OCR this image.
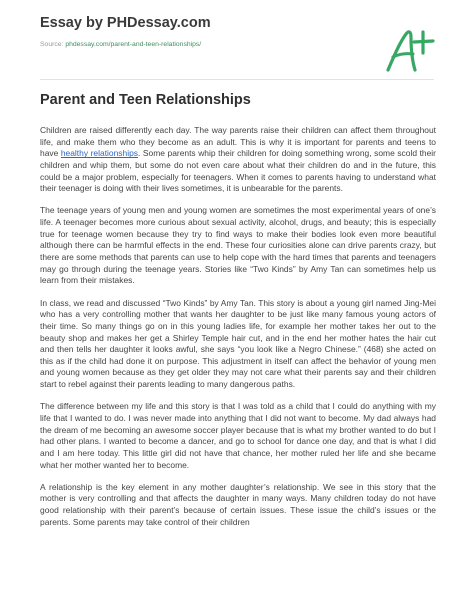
Essay by PHDessay.com
Source: phdessay.com/parent-and-teen-relationships/
Parent and Teen Relationships

Children are raised differently each day. The way parents raise their children can affect them throughout life, and make them who they become as an adult. This is why it is important for parents and teens to have healthy relationships. Some parents whip their children for doing something wrong, some scold their children and whip them, but some do not even care about what their children do and in the future, this could be a major problem, especially for teenagers. When it comes to parents having to understand what their teenager is doing with their lives sometimes, it is unbearable for the parents.

The teenage years of young men and young women are sometimes the most experimental years of one’s life. A teenager becomes more curious about sexual activity, alcohol, drugs, and beauty; this is especially true for teenage women because they try to find ways to make their bodies look even more beautiful although there can be harmful effects in the end. These four curiosities alone can drive parents crazy, but there are some methods that parents can use to help cope with the hard times that parents and teenagers may go through during the teenage years. Stories like “Two Kinds” by Amy Tan can sometimes help us learn from their mistakes.

In class, we read and discussed “Two Kinds” by Amy Tan. This story is about a young girl named Jing-Mei who has a very controlling mother that wants her daughter to be just like many famous young actors of their time. So many things go on in this young ladies life, for example her mother takes her out to the beauty shop and makes her get a Shirley Temple hair cut, and in the end her mother hates the hair cut and then tells her daughter it looks awful, she says “you look like a Negro Chinese.” (468) she acted on this as if the child had done it on purpose. This adjustment in itself can affect the behavior of young men and young women because as they get older they may not care what their parents say and their children start to rebel against their parents leading to many dangerous paths.

The difference between my life and this story is that I was told as a child that I could do anything with my life that I wanted to do. I was never made into anything that I did not want to become. My dad always had the dream of me becoming an awesome soccer player because that is what my brother wanted to do but I had other plans. I wanted to become a dancer, and go to school for dance one day, and that is what I did and I am here today. This little girl did not have that chance, her mother ruled her life and she became what her mother wanted her to become.

A relationship is the key element in any mother daughter’s relationship. We see in this story that the mother is very controlling and that affects the daughter in many ways. Many children today do not have good relationship with their parent’s because of certain issues. These issue the child’s issues or the parents. Some parents may take control of their children
